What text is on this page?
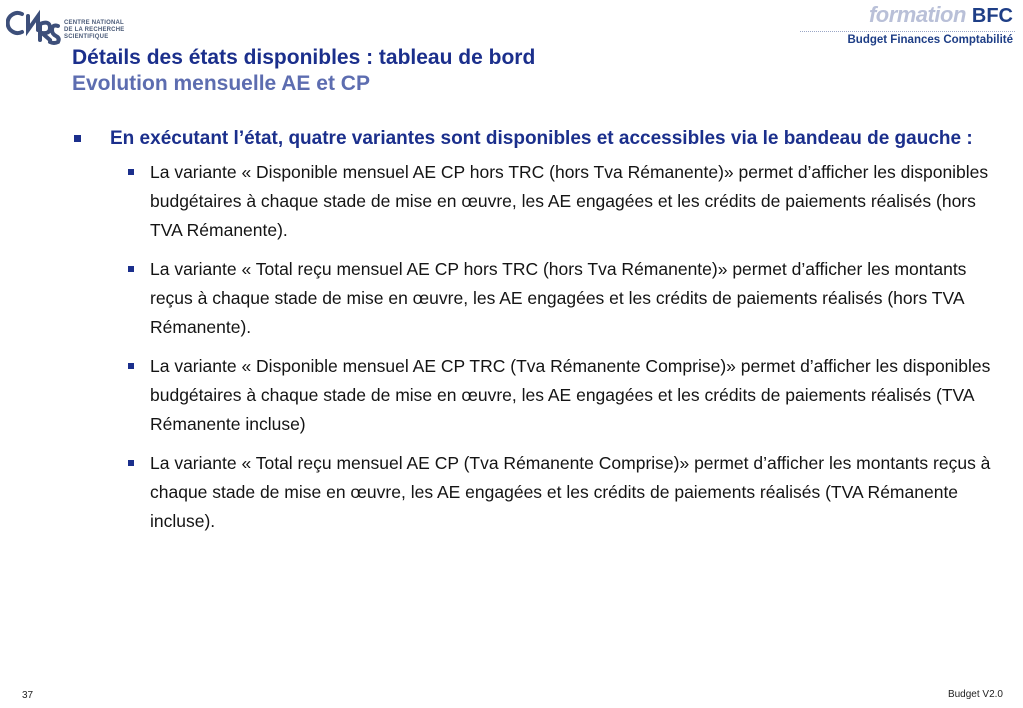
CENTRE NATIONAL
DE LA RECHERCHE
SCIENTIFIQUE
formation BFC
Budget Finances Comptabilité
Détails des états disponibles : tableau de bord
Evolution mensuelle AE et CP
En exécutant l’état, quatre variantes sont disponibles et accessibles via le bandeau de gauche :
La variante « Disponible mensuel AE CP hors TRC (hors Tva Rémanente)» permet d’afficher les disponibles budgétaires à chaque stade de mise en œuvre, les AE engagées et les crédits de paiements réalisés (hors TVA Rémanente).
La variante « Total reçu mensuel AE CP hors TRC (hors Tva Rémanente)» permet d’afficher les montants reçus à chaque stade de mise en œuvre, les AE engagées et les crédits de paiements réalisés (hors TVA Rémanente).
La variante « Disponible mensuel AE CP TRC (Tva Rémanente Comprise)» permet d’afficher les disponibles budgétaires à chaque stade de mise en œuvre, les AE engagées et les crédits de paiements réalisés (TVA Rémanente incluse)
La variante « Total reçu mensuel AE CP (Tva Rémanente Comprise)» permet d’afficher les montants reçus à chaque stade de mise en œuvre, les AE engagées et les crédits de paiements réalisés (TVA Rémanente incluse).
37	Budget V2.0
